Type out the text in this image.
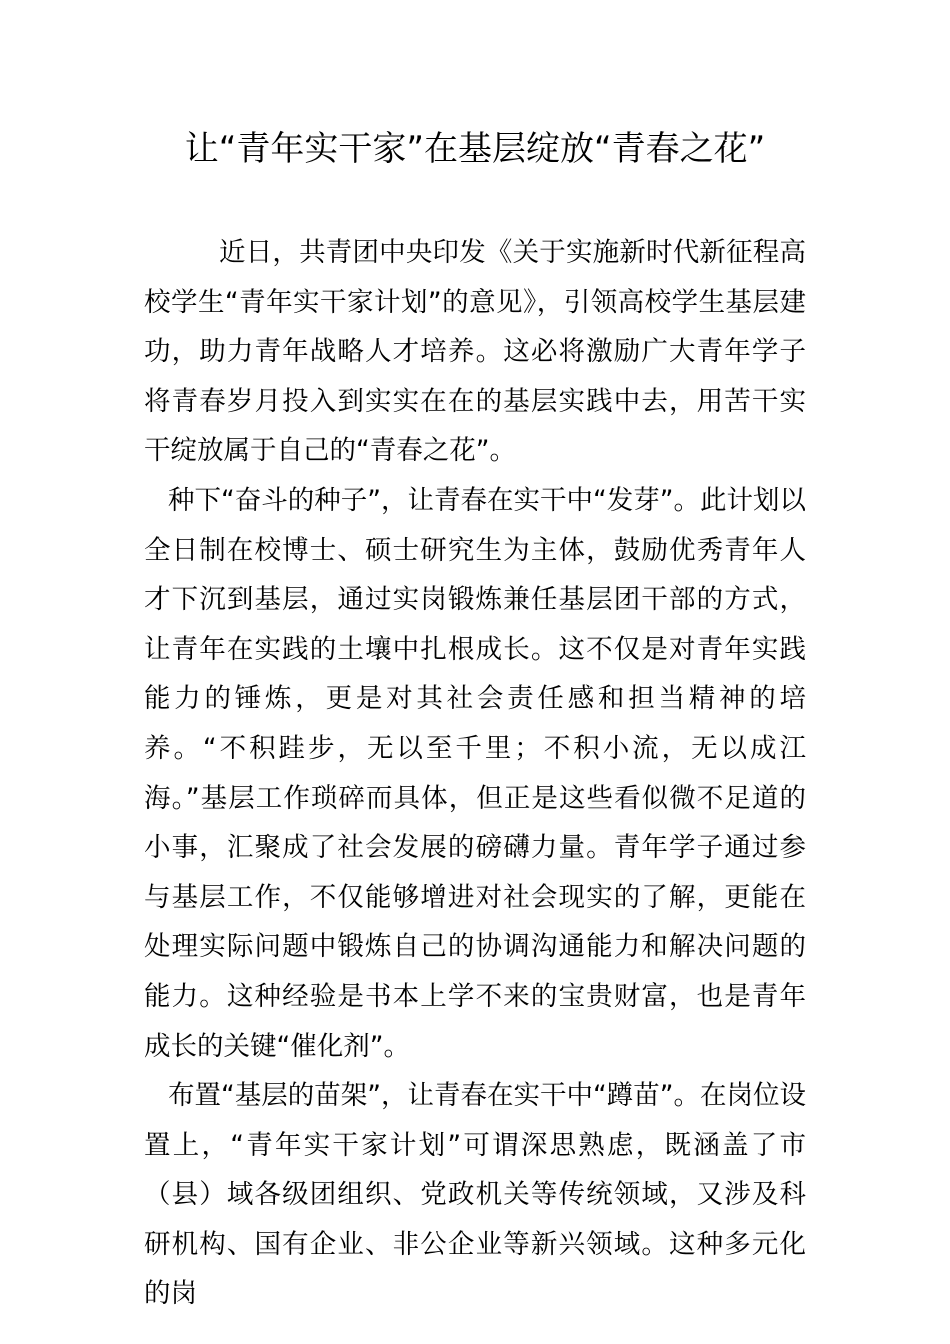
让“青年实干家”在基层绽放“青春之花”

近日，共青团中央印发《关于实施新时代新征程高校学生“青年实干家计划”的意见》，引领高校学生基层建功，助力青年战略人才培养。这必将激励广大青年学子将青春岁月投入到实实在在的基层实践中去，用苦干实干绽放属于自己的“青春之花”。

种下“奋斗的种子”，让青春在实干中“发芽”。此计划以全日制在校博士、硕士研究生为主体，鼓励优秀青年人才下沉到基层，通过实岗锻炼兼任基层团干部的方式，让青年在实践的土壤中扎根成长。这不仅是对青年实践能力的锤炼，更是对其社会责任感和担当精神的培养。“不积跬步，无以至千里；不积小流，无以成江海。”基层工作琐碎而具体，但正是这些看似微不足道的小事，汇聚成了社会发展的磅礴力量。青年学子通过参与基层工作，不仅能够增进对社会现实的了解，更能在处理实际问题中锻炼自己的协调沟通能力和解决问题的能力。这种经验是书本上学不来的宝贵财富，也是青年成长的关键“催化剂”。

布置“基层的苗架”，让青春在实干中“蹲苗”。在岗位设置上，“青年实干家计划”可谓深思熟虑，既涵盖了市（县）域各级团组织、党政机关等传统领域，又涉及科研机构、国有企业、非公企业等新兴领域。这种多元化的岗
